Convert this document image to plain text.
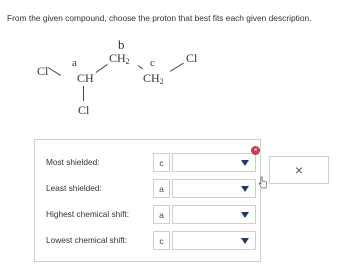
From the given compound, choose the proton that best fits each given description.
Cl
a
CH
Cl
b
$CH_2$ c
$CH_2$
Cl
Most shielded:	c
Least shielded:	a
Highest chemical shift:	a
Lowest chemical shift:	c
×
×
